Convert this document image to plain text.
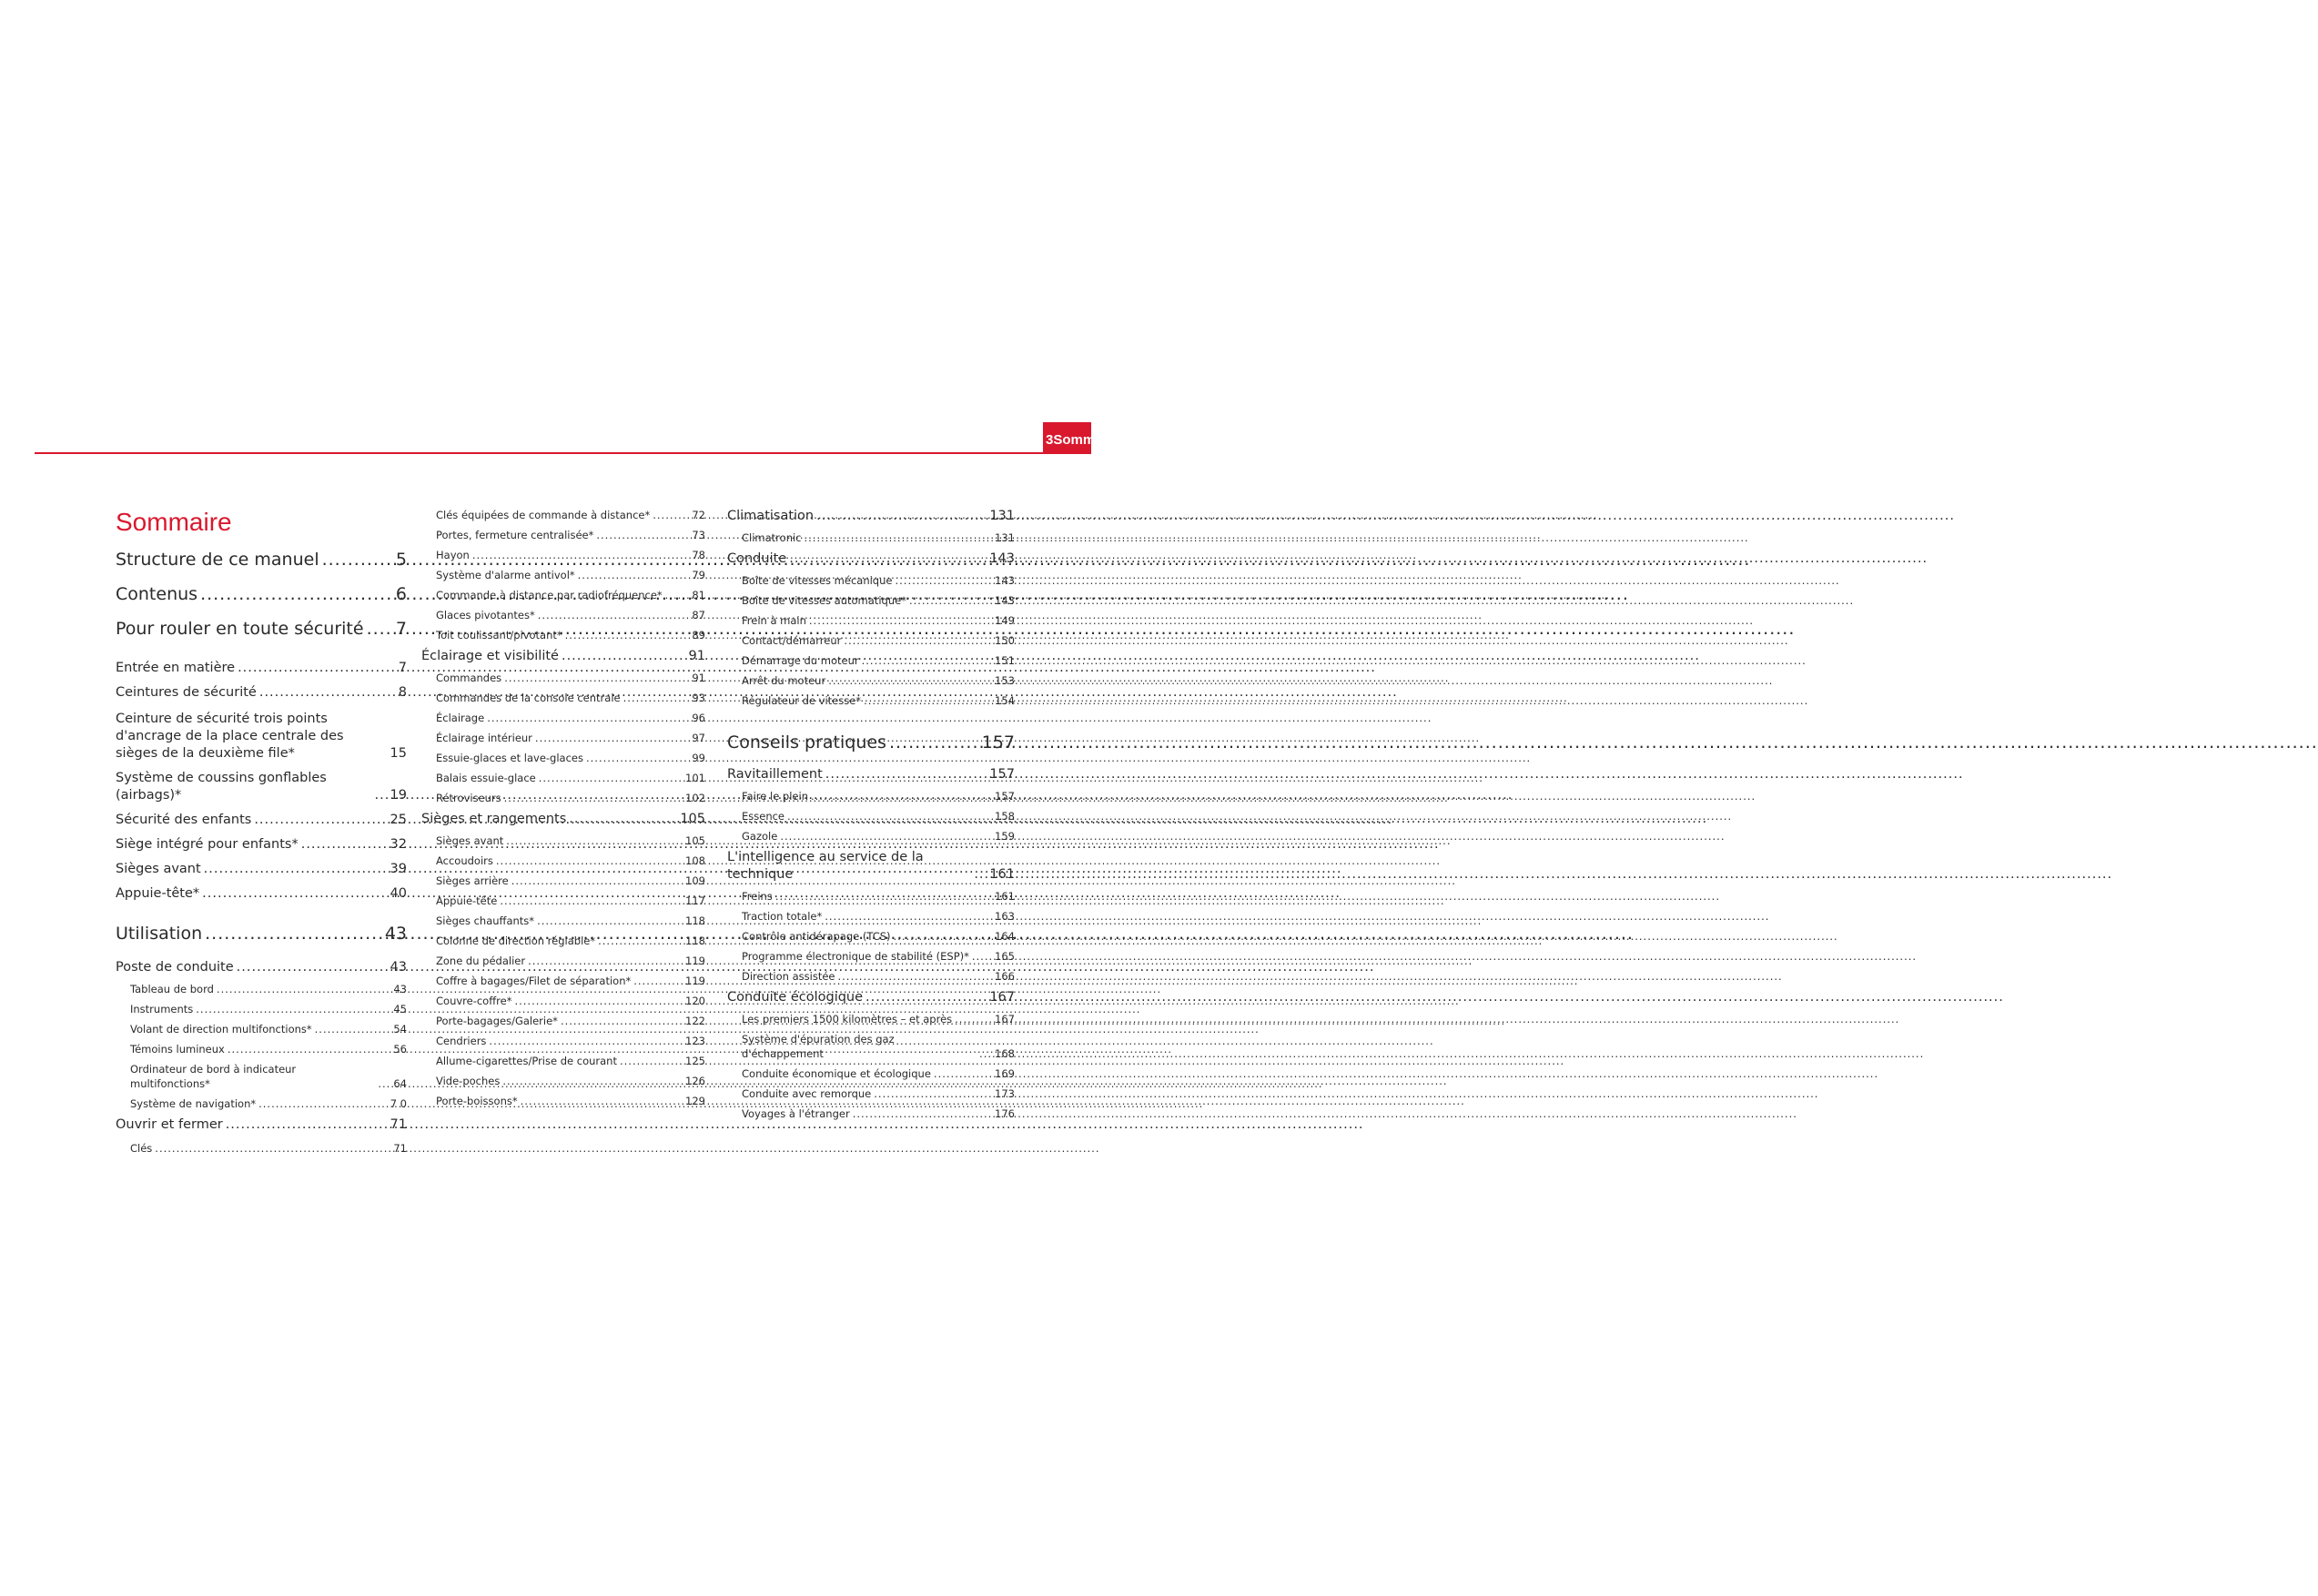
3Sommaire
Sommaire
Structure de ce manuel .....	5
Contenus .....	6
Pour rouler en toute sécurité ..... 7
Entrée en matière .....	7
Ceintures de sécurité .....	8
Ceinture de sécurité trois points d'ancrage de la place centrale des sièges de la deuxième file*	15
Système de coussins gonflables (airbags)* .....	19
Sécurité des enfants .....	25
Siège intégré pour enfants* .....	32
Sièges avant .....	39
Appuie-tête* .....	40
Utilisation .....	43
Poste de conduite .....	43
Tableau de bord .....	43
Instruments .....	45
Volant de direction multifonctions* .....	54
Témoins lumineux .....	56
Ordinateur de bord à indicateur multifonctions* .....	64
Système de navigation* .....	7 0
Ouvrir et fermer .....	71
Clés .....	71
Clés équipées de commande à distance* .....	72
Portes, fermeture centralisée* .....	73
Hayon .....	78
Système d'alarme antivol* .....	79
Commande à distance par radiofréquence* .....	81
Glaces pivotantes* .....	87
Toit coulissant/pivotant* .....	89
Éclairage et visibilité .....	91
Commandes .....	91
Commandes de la console centrale .....	93
Éclairage .....	96
Éclairage intérieur .....	97
Essuie-glaces et lave-glaces .....	99
Balais essuie-glace .....	101
Rétroviseurs .....	102
Sièges et rangements .....	105
Sièges avant .....	105
Accoudoirs .....	108
Sièges arrière .....	109
Appuie-tête .....	117
Sièges chauffants* .....	118
Colonne de direction réglable* .....	118
Zone du pédalier .....	119
Coffre à bagages/Filet de séparation* .....	119
Couvre-coffre* .....	120
Porte-bagages/Galerie* .....	122
Cendriers .....	123
Allume-cigarettes/Prise de courant .....	125
Vide-poches .....	126
Porte-boissons* .....	129
Climatisation .....	131
Climatronic .....	131
Conduite .....	143
Boîte de vitesses mécanique .....	143
Boîte de vitesses automatique* .....	143
Frein à main .....	149
Contact/démarreur .....	150
Démarrage du moteur .....	151
Arrêt du moteur .....	153
Régulateur de vitesse* .....	154
Conseils pratiques .....	157
Ravitaillement .....	157
Faire le plein .....	157
Essence .....	158
Gazole .....	159
L'intelligence au service de la technique .....	161
Freins .....	161
Traction totale* .....	163
Contrôle antidérapage (TCS) .....	164
Programme électronique de stabilité (ESP)* ..... 165
Direction assistée .....	166
Conduite écologique .....	167
Les premiers 1500 kilomètres – et après .....	167
Système d'épuration des gaz d'échappement .....	168
Conduite économique et écologique .....	169
Conduite avec remorque .....	173
Voyages à l'étranger .....	176
